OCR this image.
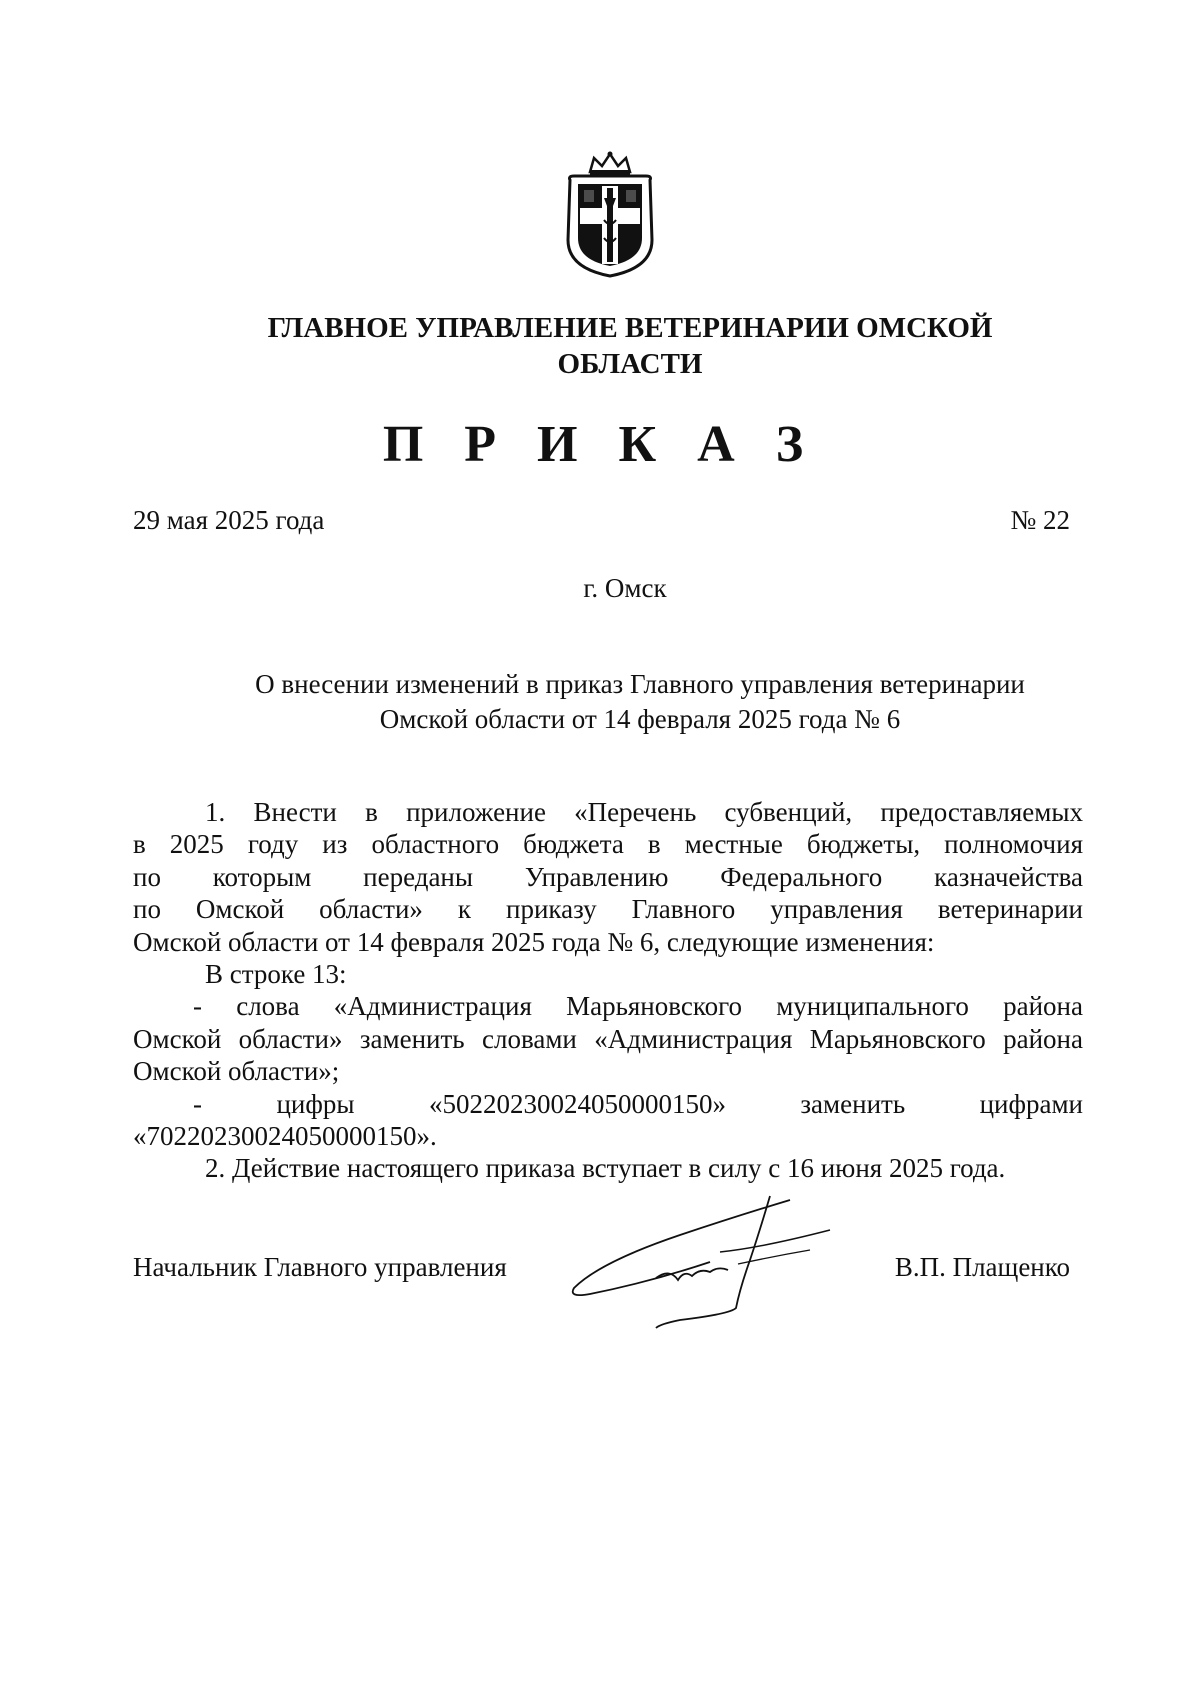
ГЛАВНОЕ УПРАВЛЕНИЕ ВЕТЕРИНАРИИ ОМСКОЙ
ОБЛАСТИ
П Р И К А З
29 мая 2025 года	№ 22
г. Омск
О внесении изменений в приказ Главного управления ветеринарии
Омской области от 14 февраля 2025 года № 6
1. Внести в приложение «Перечень субвенций, предоставляемых
в 2025 году из областного бюджета в местные бюджеты, полномочия
по которым переданы Управлению Федерального казначейства
по Омской области» к приказу Главного управления ветеринарии
Омской области от 14 февраля 2025 года № 6, следующие изменения:
В строке 13:
- слова «Администрация Марьяновского муниципального района
Омской области» заменить словами «Администрация Марьяновского района
Омской области»;
- цифры «50220230024050000150» заменить цифрами
«70220230024050000150».
2. Действие настоящего приказа вступает в силу с 16 июня 2025 года.
Начальник Главного управления	В.П. Плащенко
